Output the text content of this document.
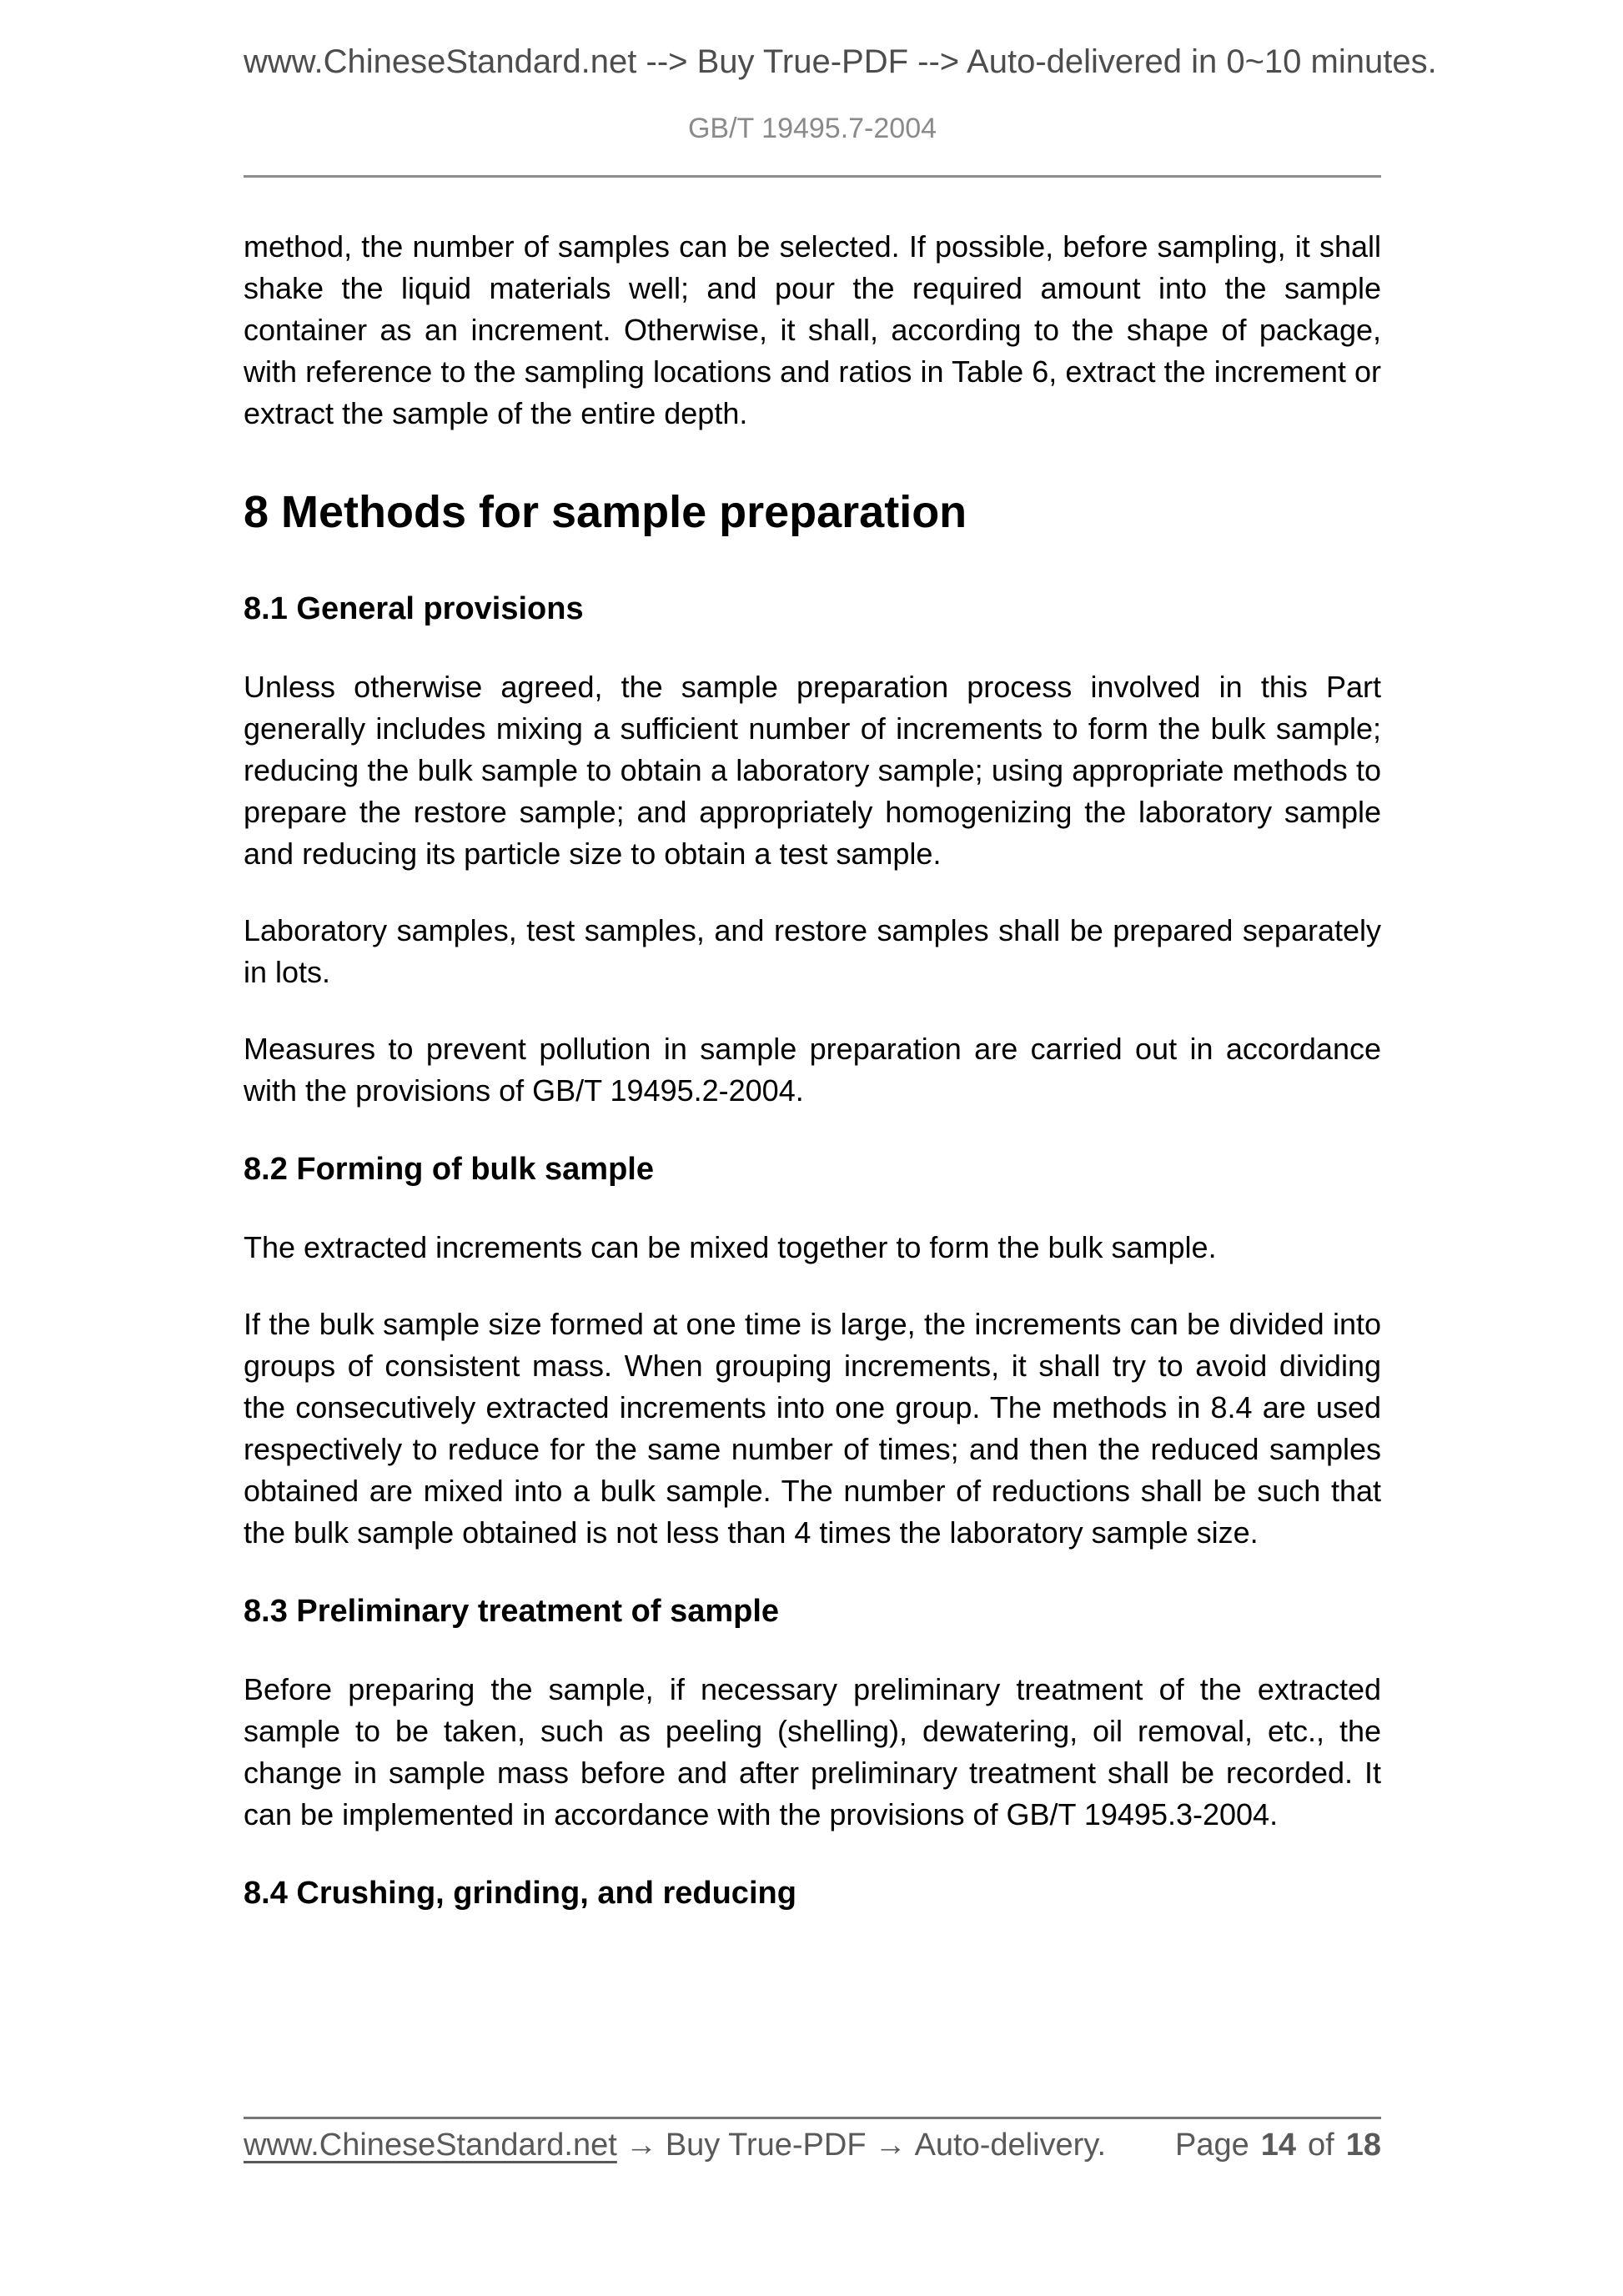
www.ChineseStandard.net --> Buy True-PDF --> Auto-delivered in 0~10 minutes.
GB/T 19495.7-2004

method, the number of samples can be selected. If possible, before sampling, it shall shake the liquid materials well; and pour the required amount into the sample container as an increment. Otherwise, it shall, according to the shape of package, with reference to the sampling locations and ratios in Table 6, extract the increment or extract the sample of the entire depth.

8 Methods for sample preparation
8.1 General provisions

Unless otherwise agreed, the sample preparation process involved in this Part generally includes mixing a sufficient number of increments to form the bulk sample; reducing the bulk sample to obtain a laboratory sample; using appropriate methods to prepare the restore sample; and appropriately homogenizing the laboratory sample and reducing its particle size to obtain a test sample.

Laboratory samples, test samples, and restore samples shall be prepared separately in lots.

Measures to prevent pollution in sample preparation are carried out in accordance with the provisions of GB/T 19495.2-2004.

8.2 Forming of bulk sample

The extracted increments can be mixed together to form the bulk sample.

If the bulk sample size formed at one time is large, the increments can be divided into groups of consistent mass. When grouping increments, it shall try to avoid dividing the consecutively extracted increments into one group. The methods in 8.4 are used respectively to reduce for the same number of times; and then the reduced samples obtained are mixed into a bulk sample. The number of reductions shall be such that the bulk sample obtained is not less than 4 times the laboratory sample size.

8.3 Preliminary treatment of sample

Before preparing the sample, if necessary preliminary treatment of the extracted sample to be taken, such as peeling (shelling), dewatering, oil removal, etc., the change in sample mass before and after preliminary treatment shall be recorded. It can be implemented in accordance with the provisions of GB/T 19495.3-2004.

8.4 Crushing, grinding, and reducing
www.ChineseStandard.net → Buy True-PDF → Auto-delivery. Page 14 of 18
